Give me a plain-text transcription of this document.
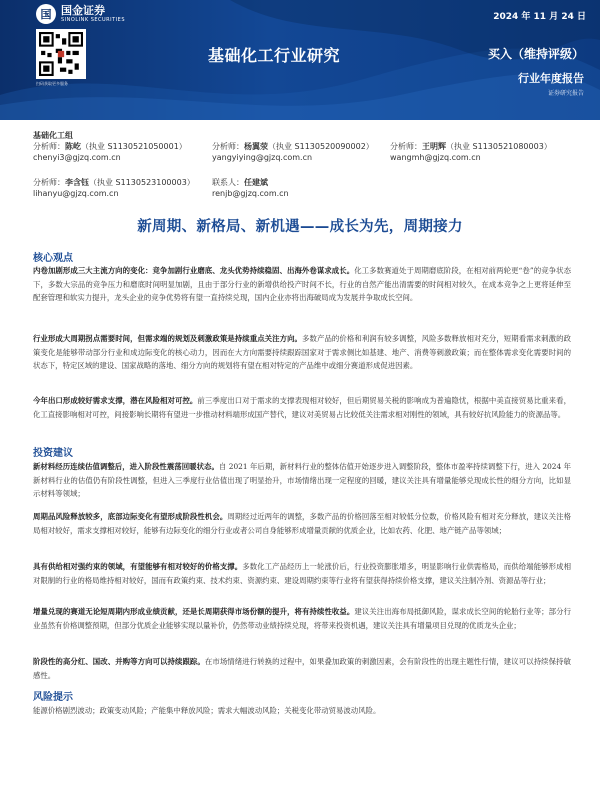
国 国金证券
SINOLINK SECURITIES
扫码获取更多服务
2024 年 11 月 24 日
基础化工行业研究	买入（维持评级）
行业年度报告
证券研究报告
基础化工组
分析师：陈屹（执业 S1130521050001）
chenyi3@gjzq.com.cn
分析师：杨翼荥（执业 S1130520090002）
yangyiying@gjzq.com.cn
分析师：王明辉（执业 S1130521080003）
wangmh@gjzq.com.cn
分析师：李含钰（执业 S1130523100003）
lihanyu@gjzq.com.cn
联系人：任建斌
renjb@gjzq.com.cn
新周期、新格局、新机遇——成长为先，周期接力
核心观点
内卷加剧形成三大主流方向的变化：竞争加剧行业磨底、龙头优势持续稳固、出海外卷谋求成长。化工多数赛道处于周期磨底阶段，在相对前两轮更“卷”的竞争状态下，多数大宗品的竞争压力和磨底时间明显加剧，且由于部分行业的新增供给投产时间不长，行业的自然产能出清需要的时间相对较久，在成本竞争之上更将延伸至配套管理和软实力提升，龙头企业的竞争优势将有望一直持续兑现，国内企业亦将出海破局成为发展并争取成长空间。
行业形成大周期拐点需要时间，但需求端的规划及刺激政策是持续重点关注方向。多数产品的价格和利润有较多调整，风险多数释放相对充分，短期看需求刺激的政策变化是能够带动部分行业和成边际变化的核心动力，因而在大方向需要持续跟踪国家对于需求侧比如基建、地产、消费等刺激政策；而在整体需求变化需要时间的状态下，特定区域的建设、国家战略的落地、细分方向的规划将有望在相对特定的产品维中或细分赛道形成促进因素。
今年出口形成较好需求支撑，潜在风险相对可控。前三季度出口对于需求的支撑表现相对较好，但后期贸易关税的影响成为普遍隐忧，根据中美直接贸易比重来看，化工直接影响相对可控，间接影响长期将有望进一步推动材料端形成国产替代，建议对美贸易占比较低关注需求相对刚性的领域，具有较好抗风险能力的资源品等。
投资建议
新材料经历连续估值调整后，进入阶段性震荡回暖状态。自 2021 年后期，新材料行业的整体估值开始逐步进入调整阶段，整体市盈率持续调整下行，进入 2024 年新材料行业的估值仍有阶段性调整，但进入三季度行业估值出现了明显抬升，市场情绪出现一定程度的回暖，建议关注具有增量能够兑现成长性的细分方向，比如显示材料等领域；
周期品风险释放较多，底部边际变化有望形成阶段性机会。周期经过近两年的调整，多数产品的价格回落至相对较低分位数，价格风险有相对充分释放，建议关注格局相对较好，需求支撑相对较好，能够有边际变化的细分行业或者公司自身能够形成增量贡献的优质企业，比如农药、化肥、地产链产品等领域；
具有供给相对强约束的领域，有望能够有相对较好的价格支撑。多数化工产品经历上一轮涨价后，行业投资膨胀增多，明显影响行业供需格局，而供给端能够形成相对限制的行业的格局维持相对较好，国而有政策约束、技术约束、资源约束、建设周期约束等行业将有望获得持续价格支撑，建议关注制冷剂、资源品等行业；
增量兑现的赛道无论短周期内形成业绩贡献，还是长周期获得市场份额的提升，将有持续性收益。建议关注出海布局抵御风险，谋求成长空间的轮胎行业等；部分行业虽然有价格调整预期，但部分优质企业能够实现以量补价，仍然带动业绩持续兑现，将带来投资机遇，建议关注具有增量项目兑现的优质龙头企业；
阶段性的高分红、国改、并购等方向可以持续跟踪。在市场情绪进行转换的过程中，如果叠加政策的刺激因素，会有阶段性的出现主题性行情，建议可以持续保持敏感性。
风险提示
能源价格剧烈波动；政策变动风险；产能集中释放风险；需求大幅波动风险；关税变化带动贸易波动风险。
